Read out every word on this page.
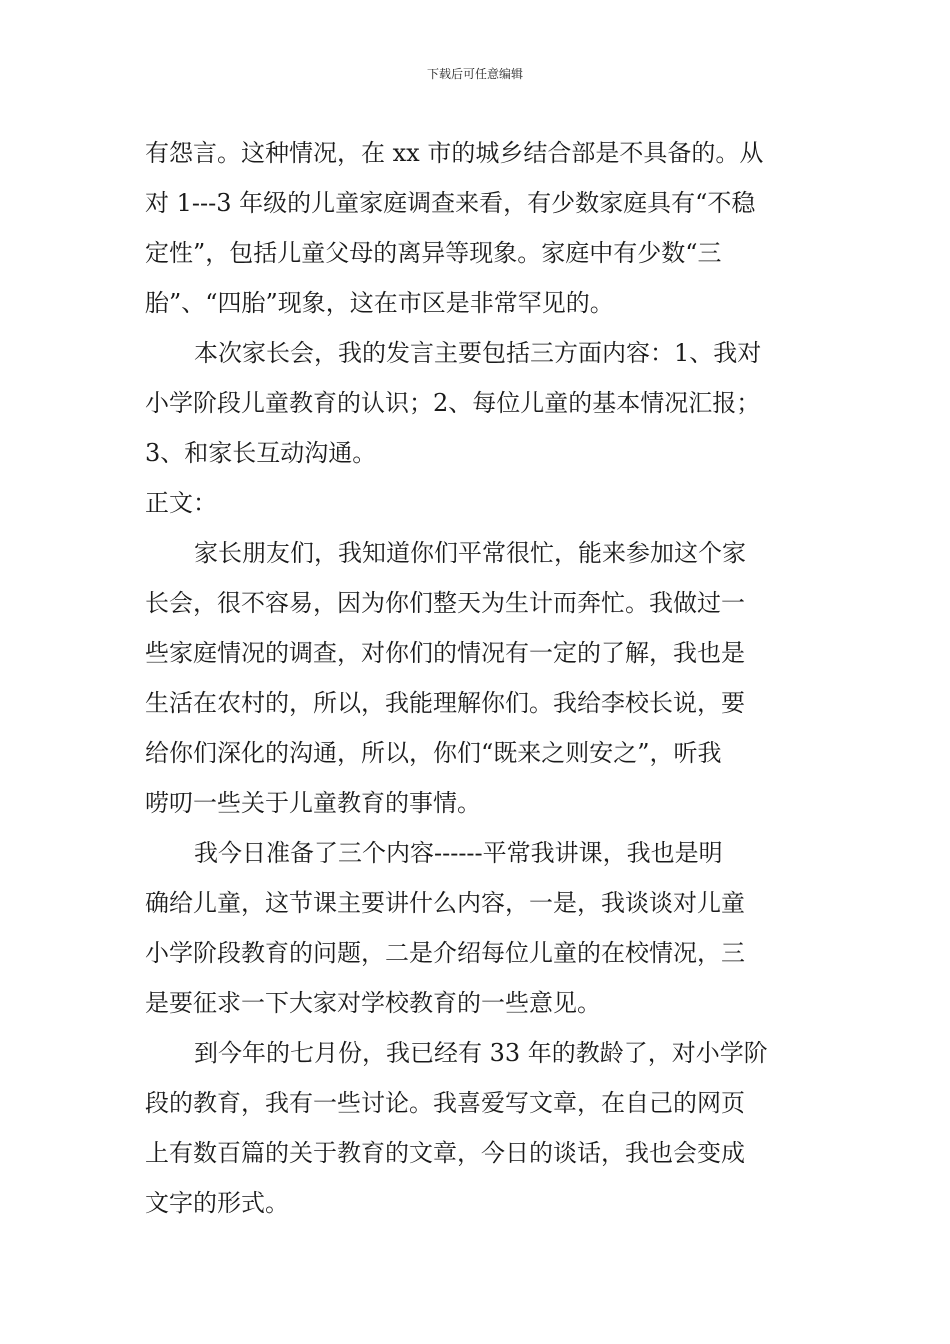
下载后可任意编辑
有怨言。这种情况，在 xx 市的城乡结合部是不具备的。从
对 1---3 年级的儿童家庭调查来看，有少数家庭具有“不稳
定性”，包括儿童父母的离异等现象。家庭中有少数“三
胎”、“四胎”现象，这在市区是非常罕见的。
本次家长会，我的发言主要包括三方面内容：1、我对
小学阶段儿童教育的认识；2、每位儿童的基本情况汇报；
3、和家长互动沟通。
正文：
家长朋友们，我知道你们平常很忙，能来参加这个家
长会，很不容易，因为你们整天为生计而奔忙。我做过一
些家庭情况的调查，对你们的情况有一定的了解，我也是
生活在农村的，所以，我能理解你们。我给李校长说，要
给你们深化的沟通，所以，你们“既来之则安之”，听我
唠叨一些关于儿童教育的事情。
我今日准备了三个内容------平常我讲课，我也是明
确给儿童，这节课主要讲什么内容，一是，我谈谈对儿童
小学阶段教育的问题，二是介绍每位儿童的在校情况，三
是要征求一下大家对学校教育的一些意见。
到今年的七月份，我已经有 33 年的教龄了，对小学阶
段的教育，我有一些讨论。我喜爱写文章，在自己的网页
上有数百篇的关于教育的文章，今日的谈话，我也会变成
文字的形式。
